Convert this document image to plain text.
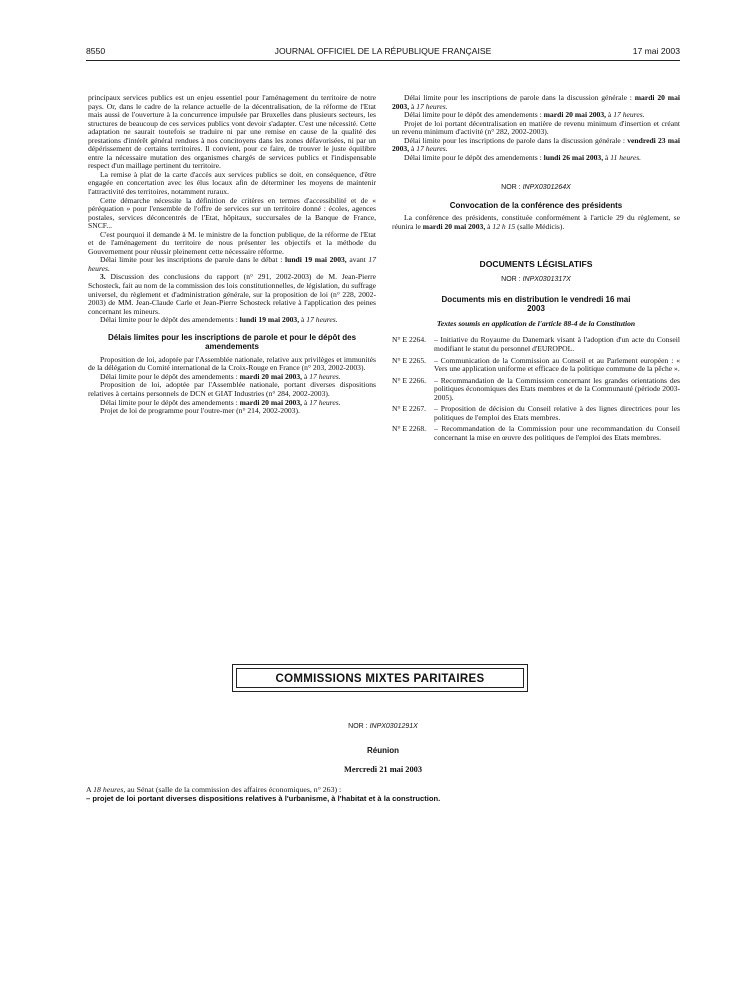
8550	JOURNAL OFFICIEL DE LA RÉPUBLIQUE FRANÇAISE	17 mai 2003

principaux services publics est un enjeu essentiel pour l'aménagement du territoire de notre pays. Or, dans le cadre de la relance actuelle de la décentralisation, de la réforme de l'Etat mais aussi de l'ouverture à la concurrence impulsée par Bruxelles dans plusieurs secteurs, les structures de beaucoup de ces services publics vont devoir s'adapter. C'est une nécessité. Cette adaptation ne saurait toutefois se traduire ni par une remise en cause de la qualité des prestations d'intérêt général rendues à nos concitoyens dans les zones défavorisées, ni par un dépérissement de certains territoires. Il convient, pour ce faire, de trouver le juste équilibre entre la nécessaire mutation des organismes chargés de services publics et l'indispensable respect d'un maillage pertinent du territoire.

La remise à plat de la carte d'accès aux services publics se doit, en conséquence, d'être engagée en concertation avec les élus locaux afin de déterminer les moyens de maintenir l'attractivité des territoires, notamment ruraux.

Cette démarche nécessite la définition de critères en termes d'accessibilité et de « péréquation » pour l'ensemble de l'offre de services sur un territoire donné : écoles, agences postales, services déconcentrés de l'Etat, hôpitaux, succursales de la Banque de France, SNCF...

C'est pourquoi il demande à M. le ministre de la fonction publique, de la réforme de l'Etat et de l'aménagement du territoire de nous présenter les objectifs et la méthode du Gouvernement pour réussir pleinement cette nécessaire réforme.

Délai limite pour les inscriptions de parole dans le débat : lundi 19 mai 2003, avant 17 heures.

3. Discussion des conclusions du rapport (n° 291, 2002-2003) de M. Jean-Pierre Schosteck, fait au nom de la commission des lois constitutionnelles, de législation, du suffrage universel, du règlement et d'administration générale, sur la proposition de loi (n° 228, 2002-2003) de MM. Jean-Claude Carle et Jean-Pierre Schosteck relative à l'application des peines concernant les mineurs.

Délai limite pour le dépôt des amendements : lundi 19 mai 2003, à 17 heures.

Délais limites pour les inscriptions de parole et pour le dépôt des amendements

Proposition de loi, adoptée par l'Assemblée nationale, relative aux privilèges et immunités de la délégation du Comité international de la Croix-Rouge en France (n° 203, 2002-2003).

Délai limite pour le dépôt des amendements : mardi 20 mai 2003, à 17 heures.

Proposition de loi, adoptée par l'Assemblée nationale, portant diverses dispositions relatives à certains personnels de DCN et GIAT Industries (n° 284, 2002-2003).

Délai limite pour le dépôt des amendements : mardi 20 mai 2003, à 17 heures.

Projet de loi de programme pour l'outre-mer (n° 214, 2002-2003).

Délai limite pour les inscriptions de parole dans la discussion générale : mardi 20 mai 2003, à 17 heures.

Délai limite pour le dépôt des amendements : mardi 20 mai 2003, à 17 heures.

Projet de loi portant décentralisation en matière de revenu minimum d'insertion et créant un revenu minimum d'activité (n° 282, 2002-2003).

Délai limite pour les inscriptions de parole dans la discussion générale : vendredi 23 mai 2003, à 17 heures.

Délai limite pour le dépôt des amendements : lundi 26 mai 2003, à 11 heures.

NOR : INPX0301264X
Convocation de la conférence des présidents

La conférence des présidents, constituée conformément à l'article 29 du règlement, se réunira le mardi 20 mai 2003, à 12 h 15 (salle Médicis).

DOCUMENTS LÉGISLATIFS
NOR : INPX0301317X
Documents mis en distribution le vendredi 16 mai 2003
Textes soumis en application de l'article 88-4 de la Constitution
N° E 2264. – Initiative du Royaume du Danemark visant à l'adoption d'un acte du Conseil modifiant le statut du personnel d'EUROPOL.
N° E 2265. – Communication de la Commission au Conseil et au Parlement européen : « Vers une application uniforme et efficace de la politique commune de la pêche ».
N° E 2266. – Recommandation de la Commission concernant les grandes orientations des politiques économiques des Etats membres et de la Communauté (période 2003-2005).
N° E 2267. – Proposition de décision du Conseil relative à des lignes directrices pour les politiques de l'emploi des Etats membres.
N° E 2268. – Recommandation de la Commission pour une recommandation du Conseil concernant la mise en œuvre des politiques de l'emploi des Etats membres.
COMMISSIONS MIXTES PARITAIRES
NOR : INPX0301291X
Réunion
Mercredi 21 mai 2003

A 18 heures, au Sénat (salle de la commission des affaires économiques, n° 263) :

– projet de loi portant diverses dispositions relatives à l'urbanisme, à l'habitat et à la construction.
